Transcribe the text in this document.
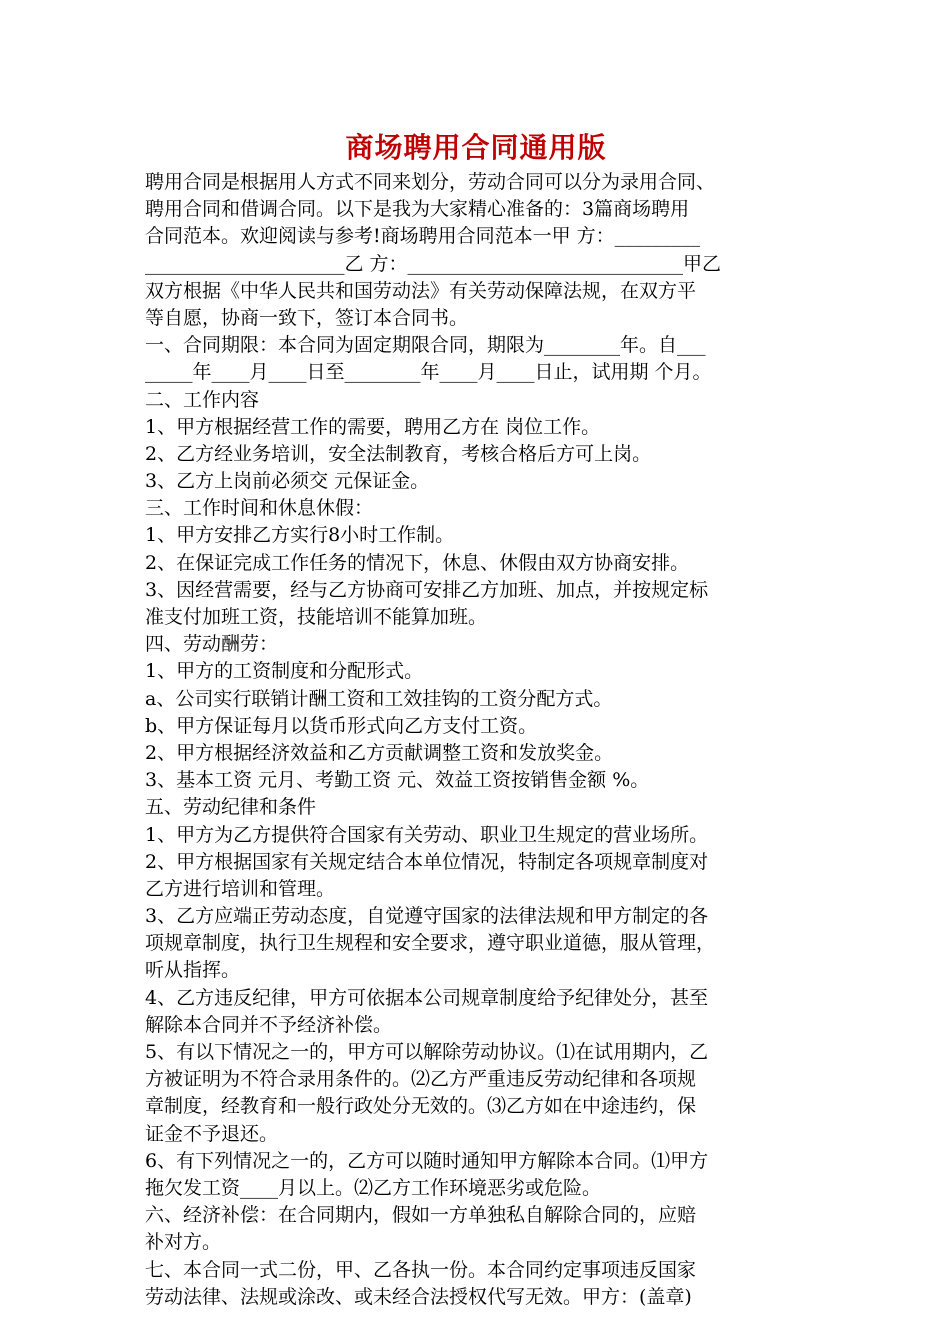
商场聘用合同通用版
聘用合同是根据用人方式不同来划分，劳动合同可以分为录用合同、
聘用合同和借调合同。以下是我为大家精心准备的：3篇商场聘用
合同范本。欢迎阅读与参考!商场聘用合同范本一甲 方：_________
_____________________乙 方：_____________________________甲乙
双方根据《中华人民共和国劳动法》有关劳动保障法规，在双方平
等自愿，协商一致下，签订本合同书。
一、合同期限：本合同为固定期限合同，期限为________年。自___
_____年____月____日至________年____月____日止，试用期 个月。
二、工作内容
1、甲方根据经营工作的需要，聘用乙方在 岗位工作。
2、乙方经业务培训，安全法制教育，考核合格后方可上岗。
3、乙方上岗前必须交 元保证金。
三、工作时间和休息休假：
1、甲方安排乙方实行8小时工作制。
2、在保证完成工作任务的情况下，休息、休假由双方协商安排。
3、因经营需要，经与乙方协商可安排乙方加班、加点，并按规定标
准支付加班工资，技能培训不能算加班。
四、劳动酬劳：
1、甲方的工资制度和分配形式。
a、公司实行联销计酬工资和工效挂钩的工资分配方式。
b、甲方保证每月以货币形式向乙方支付工资。
2、甲方根据经济效益和乙方贡献调整工资和发放奖金。
3、基本工资 元月、考勤工资 元、效益工资按销售金额 %。
五、劳动纪律和条件
1、甲方为乙方提供符合国家有关劳动、职业卫生规定的营业场所。
2、甲方根据国家有关规定结合本单位情况，特制定各项规章制度对
乙方进行培训和管理。
3、乙方应端正劳动态度，自觉遵守国家的法律法规和甲方制定的各
项规章制度，执行卫生规程和安全要求，遵守职业道德，服从管理，
听从指挥。
4、乙方违反纪律，甲方可依据本公司规章制度给予纪律处分，甚至
解除本合同并不予经济补偿。
5、有以下情况之一的，甲方可以解除劳动协议。⑴在试用期内，乙
方被证明为不符合录用条件的。⑵乙方严重违反劳动纪律和各项规
章制度，经教育和一般行政处分无效的。⑶乙方如在中途违约，保
证金不予退还。
6、有下列情况之一的，乙方可以随时通知甲方解除本合同。⑴甲方
拖欠发工资____月以上。⑵乙方工作环境恶劣或危险。
六、经济补偿：在合同期内，假如一方单独私自解除合同的，应赔
补对方。
七、本合同一式二份，甲、乙各执一份。本合同约定事项违反国家
劳动法律、法规或涂改、或未经合法授权代写无效。甲方：(盖章)
